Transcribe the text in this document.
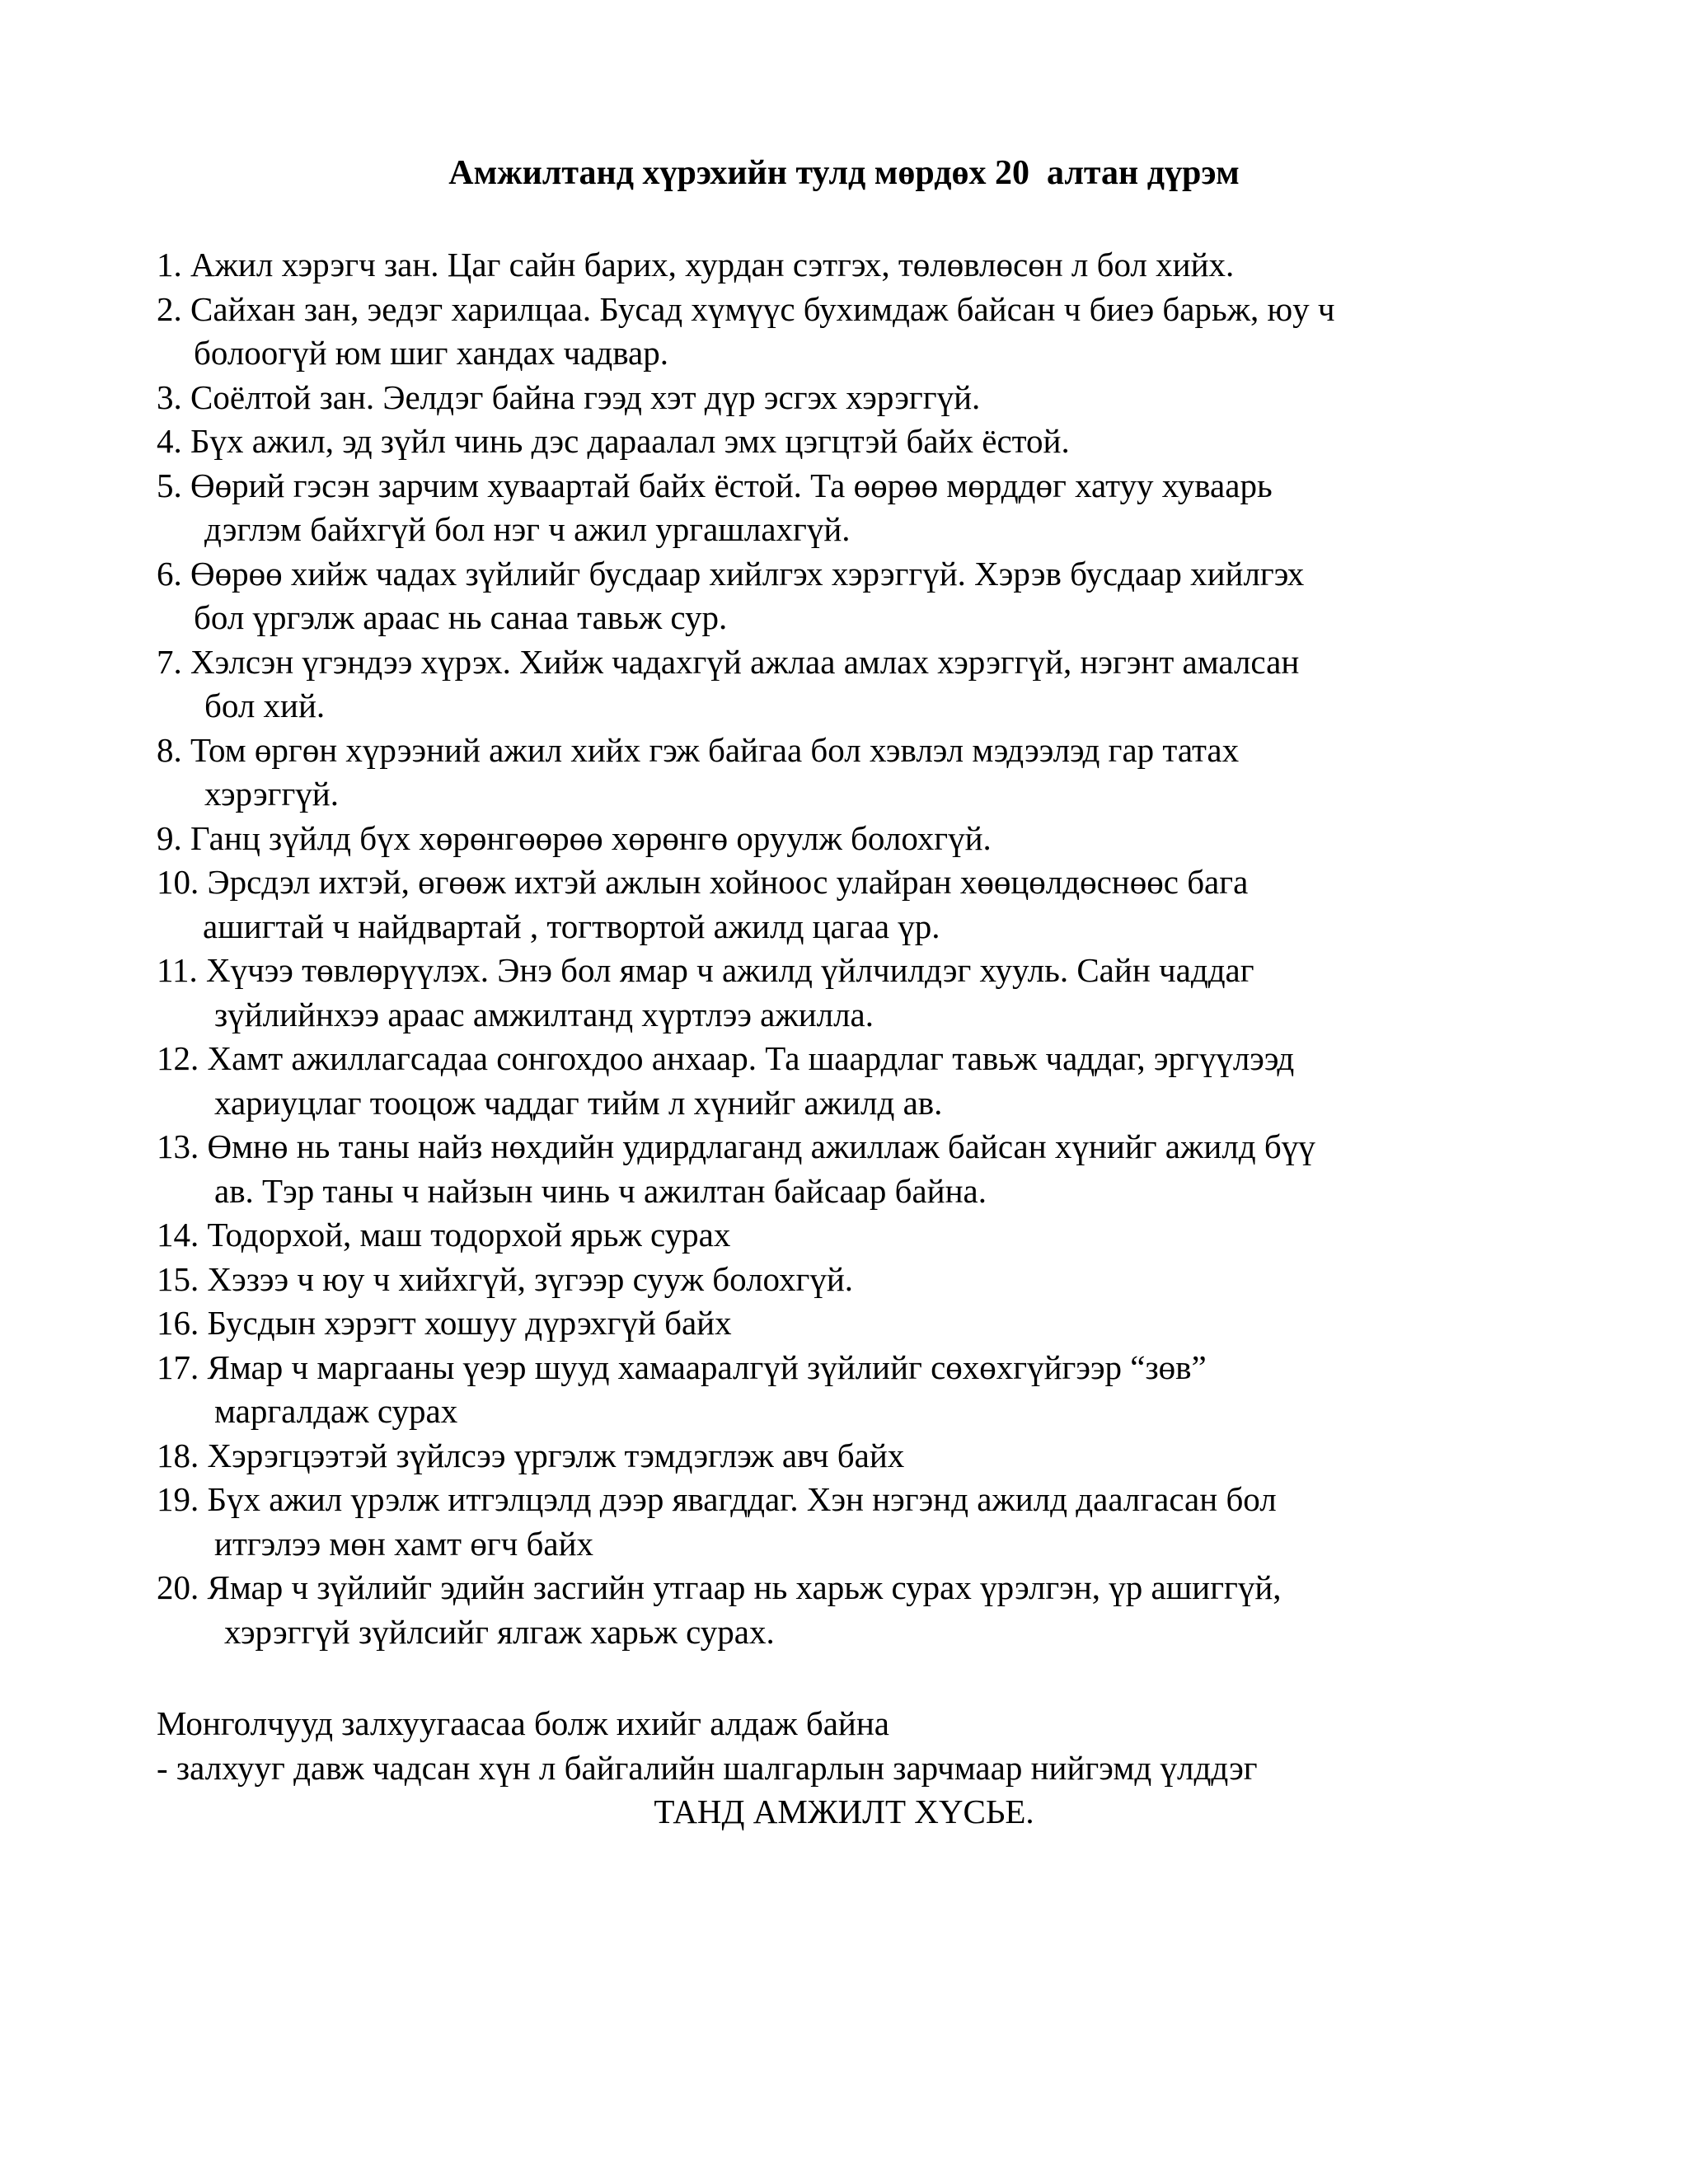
Амжилтанд хүрэхийн тулд мөрдөх 20  алтан дүрэм
1. Ажил хэрэгч зан. Цаг сайн барих, хурдан сэтгэх, төлөвлөсөн л бол хийх.
2. Сайхан зан, эедэг харилцаа. Бусад хүмүүс бухимдаж байсан ч биеэ барьж, юу ч
болоогүй юм шиг хандах чадвар.
3. Соёлтой зан. Эелдэг байна гээд хэт дүр эсгэх хэрэггүй.
4. Бүх ажил, эд зүйл чинь дэс дараалал эмх цэгцтэй байх ёстой.
5. Өөрий гэсэн зарчим хуваартай байх ёстой. Та өөрөө мөрддөг хатуу хуваарь
дэглэм байхгүй бол нэг ч ажил ургашлахгүй.
6. Өөрөө хийж чадах зүйлийг бусдаар хийлгэх хэрэггүй. Хэрэв бусдаар хийлгэх
бол үргэлж араас нь санаа тавьж сур.
7. Хэлсэн үгэндээ хүрэх. Хийж чадахгүй ажлаа амлах хэрэггүй, нэгэнт амалсан
бол хий.
8. Том өргөн хүрээний ажил хийх гэж байгаа бол хэвлэл мэдээлэд гар татах
хэрэггүй.
9. Ганц зүйлд бүх хөрөнгөөрөө хөрөнгө оруулж болохгүй.
10. Эрсдэл ихтэй, өгөөж ихтэй ажлын хойноос улайран хөөцөлдөснөөс бага
ашигтай ч найдвартай , тогтвортой ажилд цагаа үр.
11. Хүчээ төвлөрүүлэх. Энэ бол ямар ч ажилд үйлчилдэг хууль. Сайн чаддаг
зүйлийнхээ араас амжилтанд хүртлээ ажилла.
12. Хамт ажиллагсадаа сонгохдоо анхаар. Та шаардлаг тавьж чаддаг, эргүүлээд
хариуцлаг тооцож чаддаг тийм л хүнийг ажилд ав.
13. Өмнө нь таны найз нөхдийн удирдлаганд ажиллаж байсан хүнийг ажилд бүү
ав. Тэр таны ч найзын чинь ч ажилтан байсаар байна.
14. Тодорхой, маш тодорхой ярьж сурах
15. Хэзээ ч юу ч хийхгүй, зүгээр сууж болохгүй.
16. Бусдын хэрэгт хошуу дүрэхгүй байх
17. Ямар ч маргааны үеэр шууд хамааралгүй зүйлийг сөхөхгүйгээр “зөв”
маргалдаж сурах
18. Хэрэгцээтэй зүйлсээ үргэлж тэмдэглэж авч байх
19. Бүх ажил үрэлж итгэлцэлд дээр явагддаг. Хэн нэгэнд ажилд даалгасан бол
итгэлээ мөн хамт өгч байх
20. Ямар ч зүйлийг эдийн засгийн утгаар нь харьж сурах үрэлгэн, үр ашиггүй,
хэрэггүй зүйлсийг ялгаж харьж сурах.
Монголчууд залхуугаасаа болж ихийг алдаж байна
- залхууг давж чадсан хүн л байгалийн шалгарлын зарчмаар нийгэмд үлддэг
ТАНД АМЖИЛТ ХҮСЬЕ.
